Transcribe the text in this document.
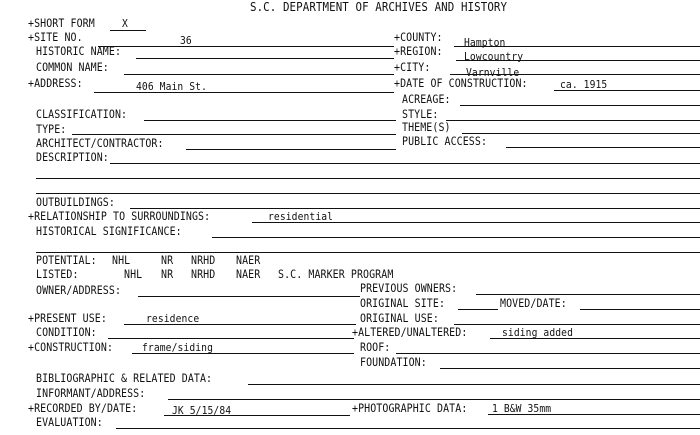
S.C. DEPARTMENT OF ARCHIVES AND HISTORY
+SHORT FORM X
+SITE NO.	36	+COUNTY: Hampton
HISTORIC NAME:	+REGION: Lowcountry
COMMON NAME:	+CITY:	Varnville
+ADDRESS:	406 Main St.	+DATE OF CONSTRUCTION:	ca. 1915
ACREAGE:
CLASSIFICATION:	STYLE:
TYPE:	THEME(S)
ARCHITECT/CONTRACTOR:	PUBLIC ACCESS:
DESCRIPTION:
OUTBUILDINGS:
+RELATIONSHIP TO SURROUNDINGS:	residential
HISTORICAL SIGNIFICANCE:
POTENTIAL: NHL	NR NRHD NAER
LISTED:	NHL NR NRHD NAER S.C. MARKER PROGRAM
OWNER/ADDRESS:	PREVIOUS OWNERS:
ORIGINAL SITE:	MOVED/DATE:
+PRESENT USE:	residence	ORIGINAL USE:
CONDITION:	+ALTERED/UNALTERED:	siding added
+CONSTRUCTION:	frame/siding	ROOF:
FOUNDATION:
BIBLIOGRAPHIC & RELATED DATA:
INFORMANT/ADDRESS:
+RECORDED BY/DATE:	JK 5/15/84	+PHOTOGRAPHIC DATA: 1 B&W 35mm
EVALUATION:
